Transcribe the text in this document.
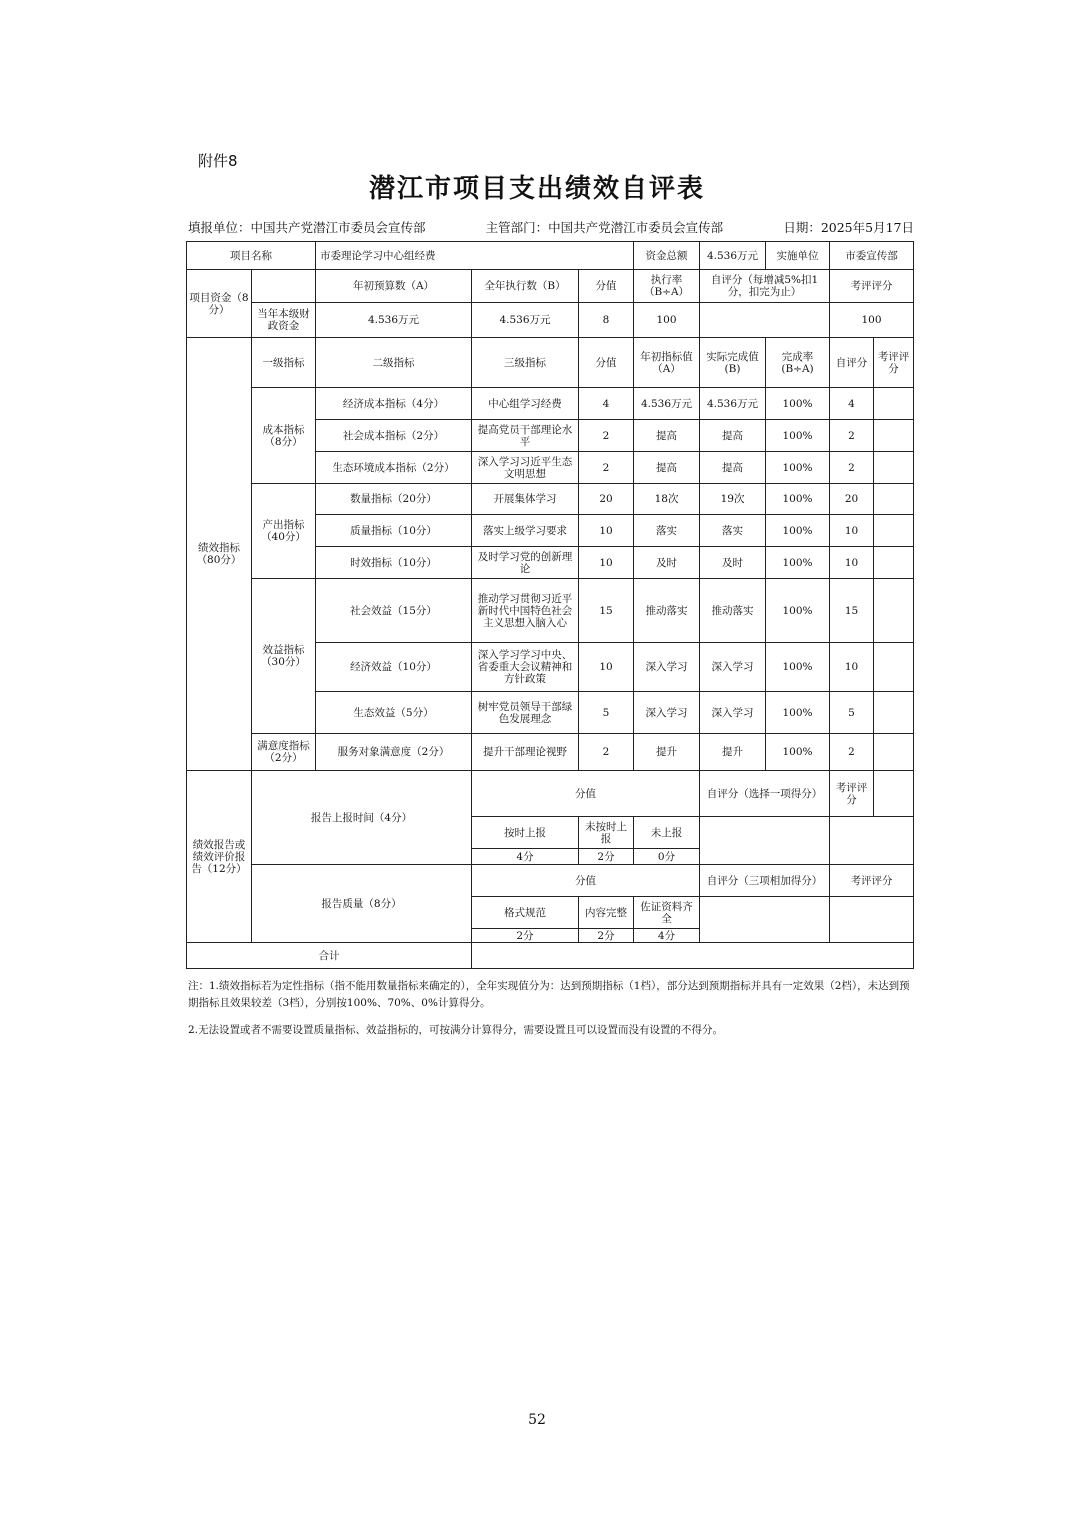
附件8
潜江市项目支出绩效自评表
填报单位：中国共产党潜江市委员会宣传部	主管部门：中国共产党潜江市委员会宣传部	日期：2025年5月17日
项目名称		市委理论学习中心组经费			资金总额	4.536万元	实施单位	市委宣传部	
项目资金（8分）		年初预算数（A）	全年执行数（B）	分值	执行率（B÷A）	自评分（每增减5%扣1分，扣完为止）		考评评分	
	当年本级财政资金	4.536万元	4.536万元	8	100			100	
绩效指标（80分）	一级指标	二级指标	三级指标	分值	年初指标值（A）	实际完成值(B)	完成率(B÷A)	自评分	考评评分
	成本指标（8分）	经济成本指标（4分）	中心组学习经费	4	4.536万元	4.536万元	100%	4	
		社会成本指标（2分）	提高党员干部理论水平	2	提高	提高	100%	2	
		生态环境成本指标（2分）	深入学习习近平生态文明思想	2	提高	提高	100%	2	
	产出指标（40分）	数量指标（20分）	开展集体学习	20	18次	19次	100%	20	
		质量指标（10分）	落实上级学习要求	10	落实	落实	100%	10	
		时效指标（10分）	及时学习党的创新理论	10	及时	及时	100%	10	
	效益指标（30分）	社会效益（15分）	推动学习贯彻习近平新时代中国特色社会主义思想入脑入心	15	推动落实	推动落实	100%	15	
		经济效益（10分）	深入学习学习中央、省委重大会议精神和方针政策	10	深入学习	深入学习	100%	10	
		生态效益（5分）	树牢党员领导干部绿色发展理念	5	深入学习	深入学习	100%	5	
	满意度指标（2分）	服务对象满意度（2分）	提升干部理论视野	2	提升	提升	100%	2	
绩效报告或绩效评价报告（12分）	报告上报时间（4分）		分值			自评分（选择一项得分）		考评评分	
			按时上报	未按时上报	未上报				
			4分	2分	0分				
	报告质量（8分）		分值			自评分（三项相加得分）		考评评分	
			格式规范	内容完整	佐证资料齐全				
			2分	2分	4分				
合计									

注：1.绩效指标若为定性指标（指不能用数量指标来确定的），全年实现值分为：达到预期指标（1档），部分达到预期指标并具有一定效果（2档），未达到预期指标且效果较差（3档），分别按100%、70%、0%计算得分。

2.无法设置或者不需要设置质量指标、效益指标的，可按满分计算得分，需要设置且可以设置而没有设置的不得分。

52
